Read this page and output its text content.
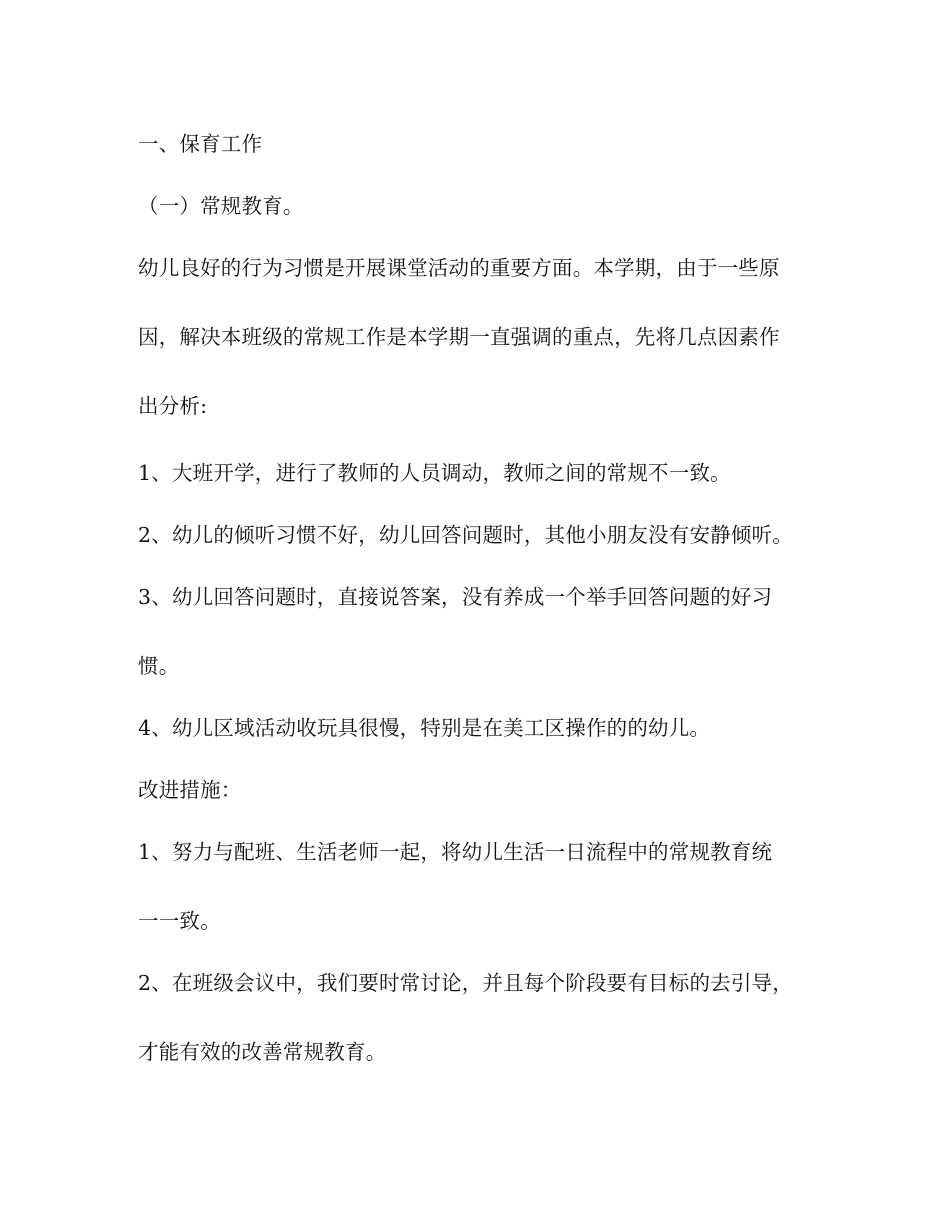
一、保育工作

（一）常规教育。

幼儿良好的行为习惯是开展课堂活动的重要方面。本学期，由于一些原

因，解决本班级的常规工作是本学期一直强调的重点，先将几点因素作

出分析:

1、大班开学，进行了教师的人员调动，教师之间的常规不一致。

2、幼儿的倾听习惯不好，幼儿回答问题时，其他小朋友没有安静倾听。

3、幼儿回答问题时，直接说答案，没有养成一个举手回答问题的好习

惯。

4、幼儿区域活动收玩具很慢，特别是在美工区操作的的幼儿。

改进措施：

1、努力与配班、生活老师一起，将幼儿生活一日流程中的常规教育统

一一致。

2、在班级会议中，我们要时常讨论，并且每个阶段要有目标的去引导，

才能有效的改善常规教育。
